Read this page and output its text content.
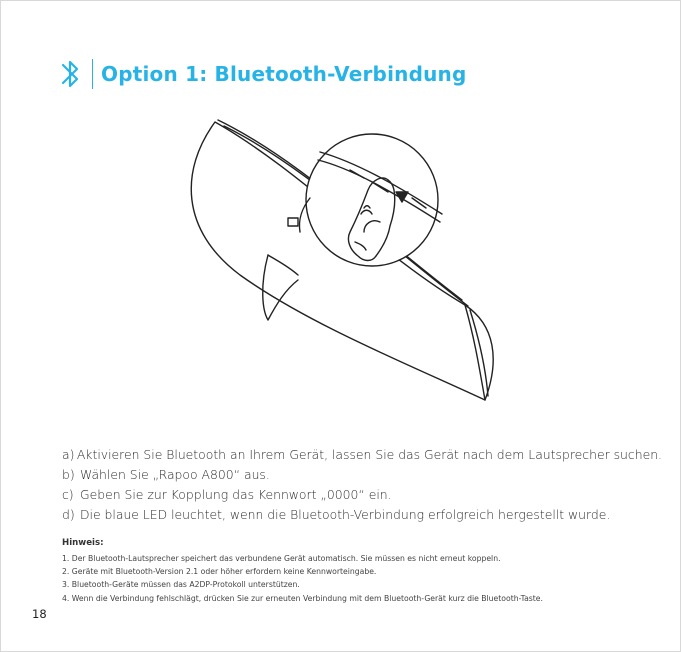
Option 1: Bluetooth-Verbindung
a) Aktivieren Sie Bluetooth an Ihrem Gerät, lassen Sie das Gerät nach dem Lautsprecher suchen.
b) Wählen Sie „Rapoo A800“ aus.
c) Geben Sie zur Kopplung das Kennwort „0000“ ein.
d) Die blaue LED leuchtet, wenn die Bluetooth-Verbindung erfolgreich hergestellt wurde.
Hinweis:
1. Der Bluetooth-Lautsprecher speichert das verbundene Gerät automatisch. Sie müssen es nicht erneut koppeln.
2. Geräte mit Bluetooth-Version 2.1 oder höher erfordern keine Kennworteingabe.
3. Bluetooth-Geräte müssen das A2DP-Protokoll unterstützen.
4. Wenn die Verbindung fehlschlägt, drücken Sie zur erneuten Verbindung mit dem Bluetooth-Gerät kurz die Bluetooth-Taste.
18
